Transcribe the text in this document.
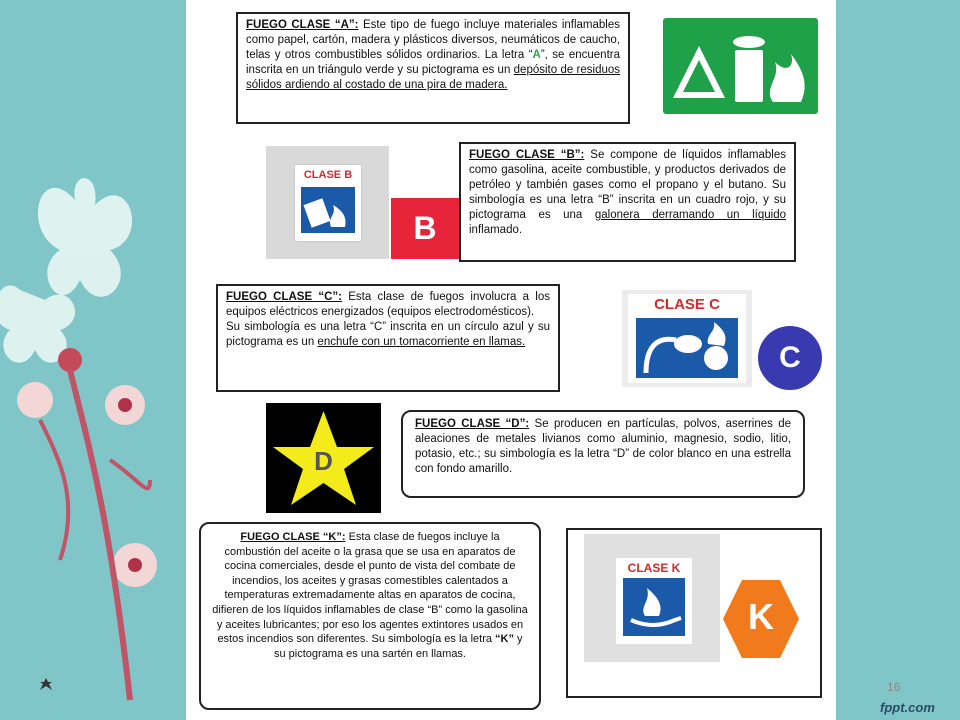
FUEGO CLASE “A”: Este tipo de fuego incluye materiales inflamables como papel, cartón, madera y plásticos diversos, neumáticos de caucho, telas y otros combustibles sólidos ordinarios. La letra “A”, se encuentra inscrita en un triángulo verde y su pictograma es un depósito de residuos sólidos ardiendo al costado de una pira de madera.
CLASE B
B
FUEGO CLASE “B”: Se compone de líquidos inflamables como gasolina, aceite combustible, y productos derivados de petróleo y también gases como el propano y el butano. Su simbología es una letra “B” inscrita en un cuadro rojo, y su pictograma es una galonera derramando un líquido inflamado.
FUEGO CLASE “C”: Esta clase de fuegos involucra a los equipos eléctricos energizados (equipos electrodomésticos).
Su simbología es una letra “C” inscrita en un círculo azul y su pictograma es un enchufe con un tomacorriente en llamas.
CLASE C
C
D
FUEGO CLASE “D”: Se producen en partículas, polvos, aserrines de aleaciones de metales livianos como aluminio, magnesio, sodio, litio, potasio, etc.; su simbología es la letra “D” de color blanco en una estrella con fondo amarillo.
FUEGO CLASE “K”: Esta clase de fuegos incluye la combustión del aceite o la grasa que se usa en aparatos de cocina comerciales, desde el punto de vista del combate de incendios, los aceites y grasas comestibles calentados a temperaturas extremadamente altas en aparatos de cocina, difieren de los líquidos inflamables de clase “B” como la gasolina y aceites lubricantes; por eso los agentes extintores usados en estos incendios son diferentes. Su simbología es la letra “K” y su pictograma es una sartén en llamas.
CLASE K
K
16
fppt.com
